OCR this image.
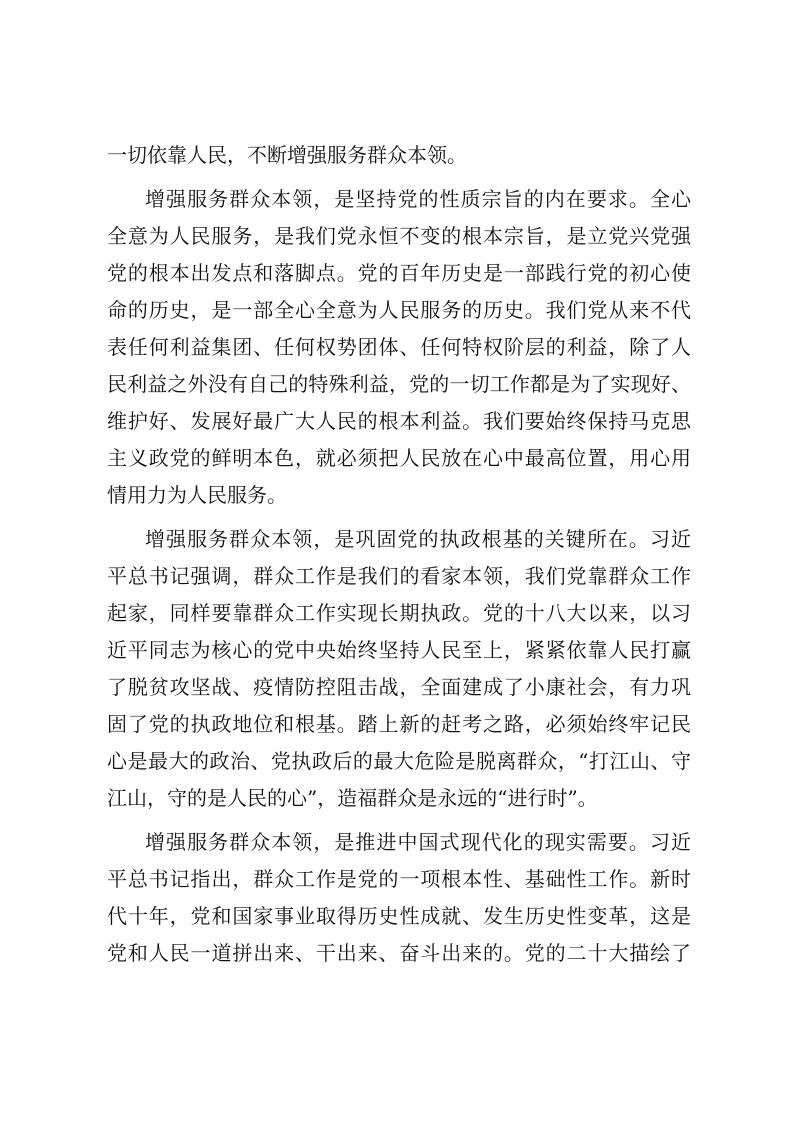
一切依靠人民，不断增强服务群众本领。
增强服务群众本领，是坚持党的性质宗旨的内在要求。全心
全意为人民服务，是我们党永恒不变的根本宗旨，是立党兴党强
党的根本出发点和落脚点。党的百年历史是一部践行党的初心使
命的历史，是一部全心全意为人民服务的历史。我们党从来不代
表任何利益集团、任何权势团体、任何特权阶层的利益，除了人
民利益之外没有自己的特殊利益，党的一切工作都是为了实现好、
维护好、发展好最广大人民的根本利益。我们要始终保持马克思
主义政党的鲜明本色，就必须把人民放在心中最高位置，用心用
情用力为人民服务。
增强服务群众本领，是巩固党的执政根基的关键所在。习近
平总书记强调，群众工作是我们的看家本领，我们党靠群众工作
起家，同样要靠群众工作实现长期执政。党的十八大以来，以习
近平同志为核心的党中央始终坚持人民至上，紧紧依靠人民打赢
了脱贫攻坚战、疫情防控阻击战，全面建成了小康社会，有力巩
固了党的执政地位和根基。踏上新的赶考之路，必须始终牢记民
心是最大的政治、党执政后的最大危险是脱离群众，“打江山、守
江山，守的是人民的心”，造福群众是永远的“进行时”。
增强服务群众本领，是推进中国式现代化的现实需要。习近
平总书记指出，群众工作是党的一项根本性、基础性工作。新时
代十年，党和国家事业取得历史性成就、发生历史性变革，这是
党和人民一道拼出来、干出来、奋斗出来的。党的二十大描绘了
